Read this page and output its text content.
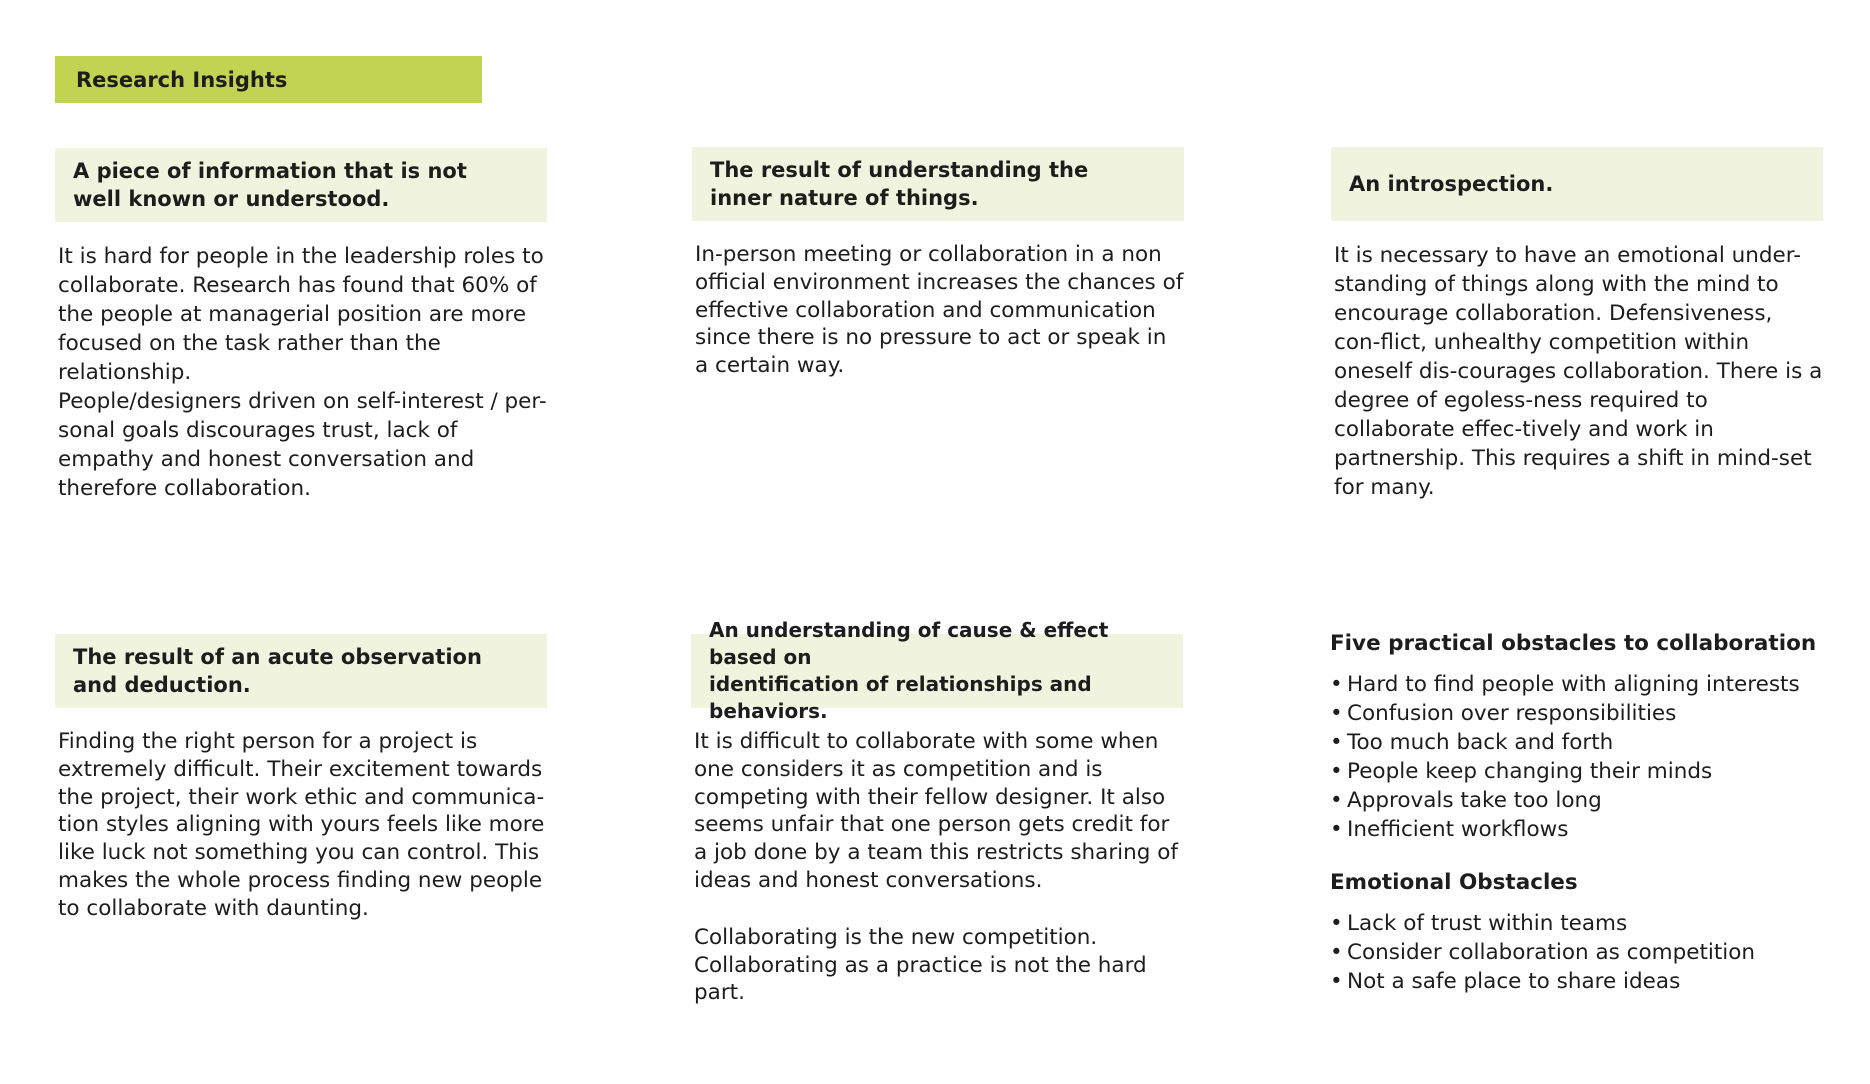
Research Insights
A piece of information that is not
well known or understood.

It is hard for people in the leadership roles to collaborate. Research has found that 60% of the people at managerial position are more focused on the task rather than the relationship.

People/designers driven on self-interest / per-sonal goals discourages trust, lack of empathy and honest conversation and therefore collaboration.

The result of understanding the
inner nature of things.

In-person meeting or collaboration in a non official environment increases the chances of effective collaboration and communication since there is no pressure to act or speak in a certain way.

An introspection.

It is necessary to have an emotional under-standing of things along with the mind to encourage collaboration. Defensiveness, con-flict, unhealthy competition within oneself dis-courages collaboration. There is a degree of egoless-ness required to collaborate effec-tively and work in partnership. This requires a shift in mind-set for many.

The result of an acute observation
and deduction.

Finding the right person for a project is extremely difficult. Their excitement towards the project, their work ethic and communica-tion styles aligning with yours feels like more like luck not something you can control. This makes the whole process finding new people to collaborate with daunting.

An understanding of cause & effect based on
identification of relationships and behaviors.

It is difficult to collaborate with some when one considers it as competition and is competing with their fellow designer. It also seems unfair that one person gets credit for a job done by a team this restricts sharing of ideas and honest conversations.

Collaborating is the new competition. Collaborating as a practice is not the hard part.

Five practical obstacles to collaboration
• Hard to find people with aligning interests
• Confusion over responsibilities
• Too much back and forth
• People keep changing their minds
• Approvals take too long
• Inefficient workflows
Emotional Obstacles
• Lack of trust within teams
• Consider collaboration as competition
• Not a safe place to share ideas
